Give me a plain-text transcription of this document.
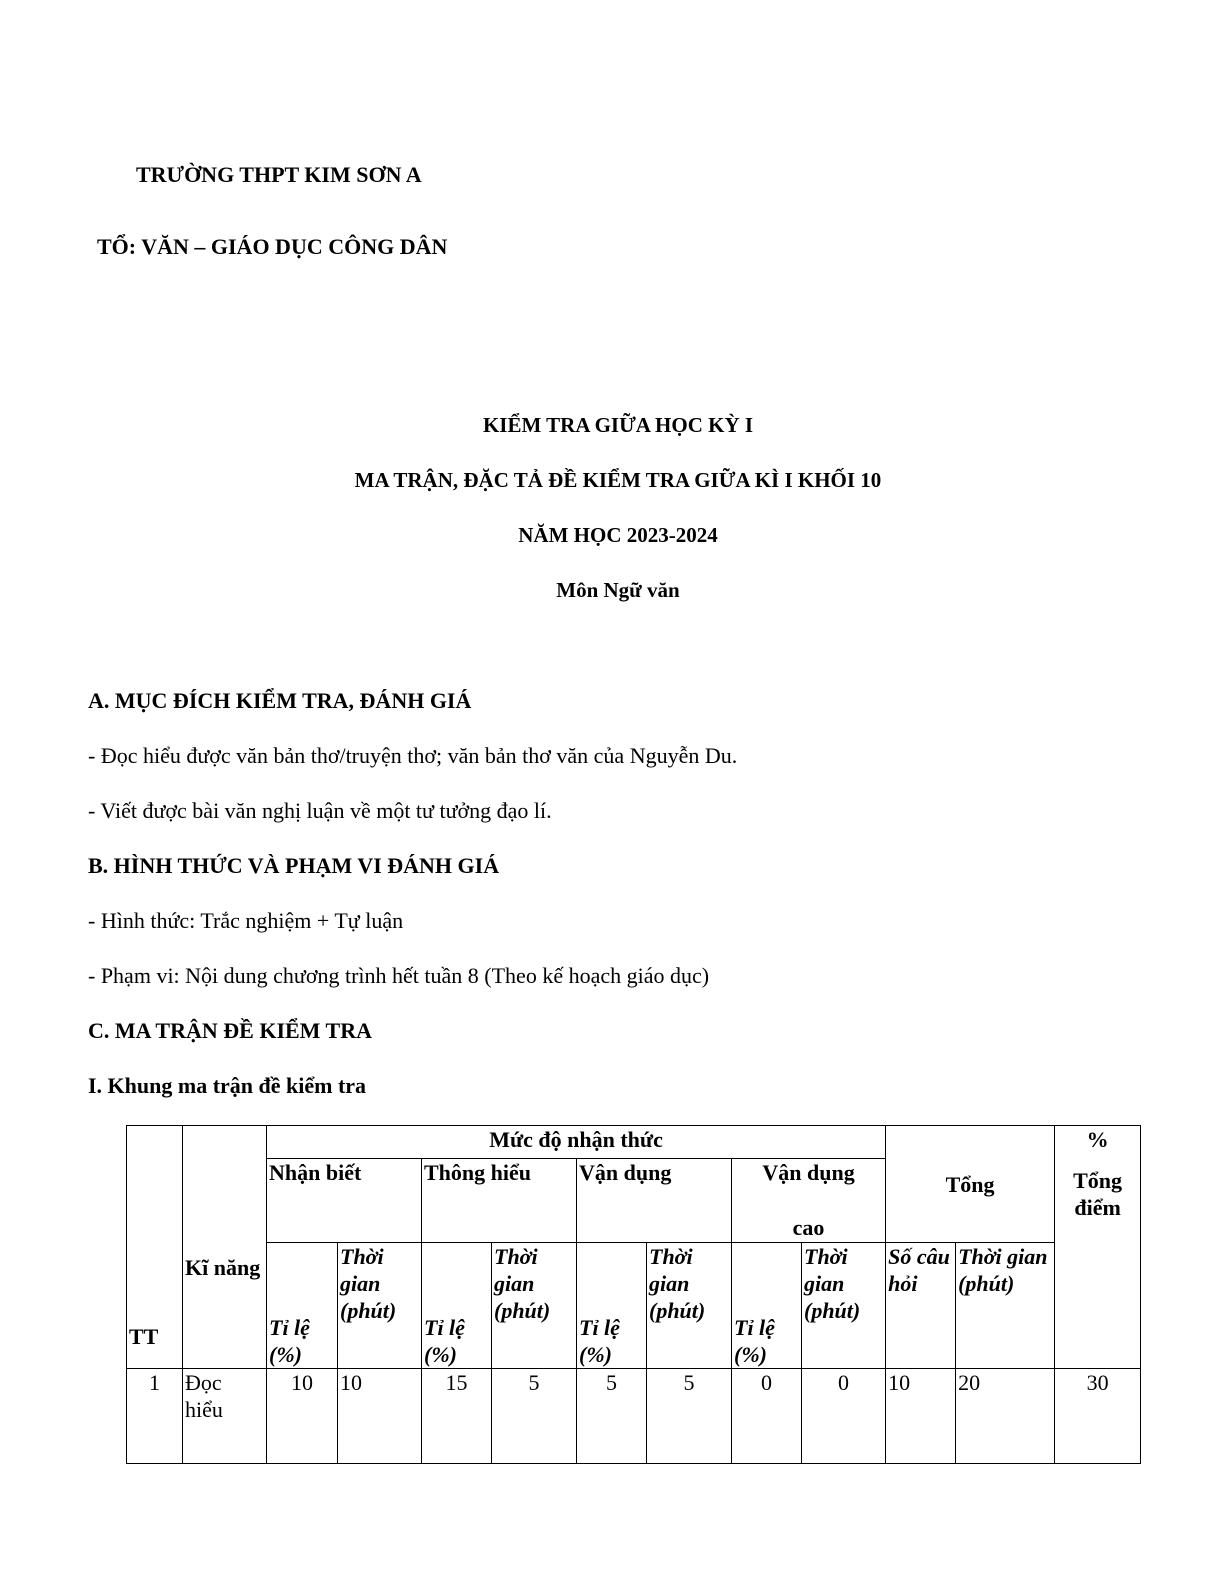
TRƯỜNG THPT KIM SƠN A
TỔ: VĂN – GIÁO DỤC CÔNG DÂN
KIỂM TRA GIỮA HỌC KỲ I
MA TRẬN, ĐẶC TẢ ĐỀ KIỂM TRA GIỮA KÌ I KHỐI 10
NĂM HỌC 2023-2024
Môn Ngữ văn
A. MỤC ĐÍCH KIỂM TRA, ĐÁNH GIÁ
- Đọc hiểu được văn bản thơ/truyện thơ; văn bản thơ văn của Nguyễn Du.
- Viết được bài văn nghị luận về một tư tưởng đạo lí.
B. HÌNH THỨC VÀ PHẠM VI ĐÁNH GIÁ
- Hình thức: Trắc nghiệm + Tự luận
- Phạm vi: Nội dung chương trình hết tuần 8 (Theo kế hoạch giáo dục)
C. MA TRẬN ĐỀ KIỂM TRA
I. Khung ma trận đề kiểm tra
TT	Kĩ năng	Mức độ nhận thức								Tổng		%
Tổng điểm

		Nhận biết		Thông hiểu		Vận dụng		Vận dụng
cao				

		Tỉ lệ (%)	Thời gian (phút)	Tỉ lệ (%)	Thời gian (phút)	Tỉ lệ (%)	Thời gian (phút)	Tỉ lệ (%)	Thời gian (phút)	Số câu hỏi	Thời gian (phút)	
1	Đọc hiểu	10	10	15	5	5	5	0	0	10	20	30
